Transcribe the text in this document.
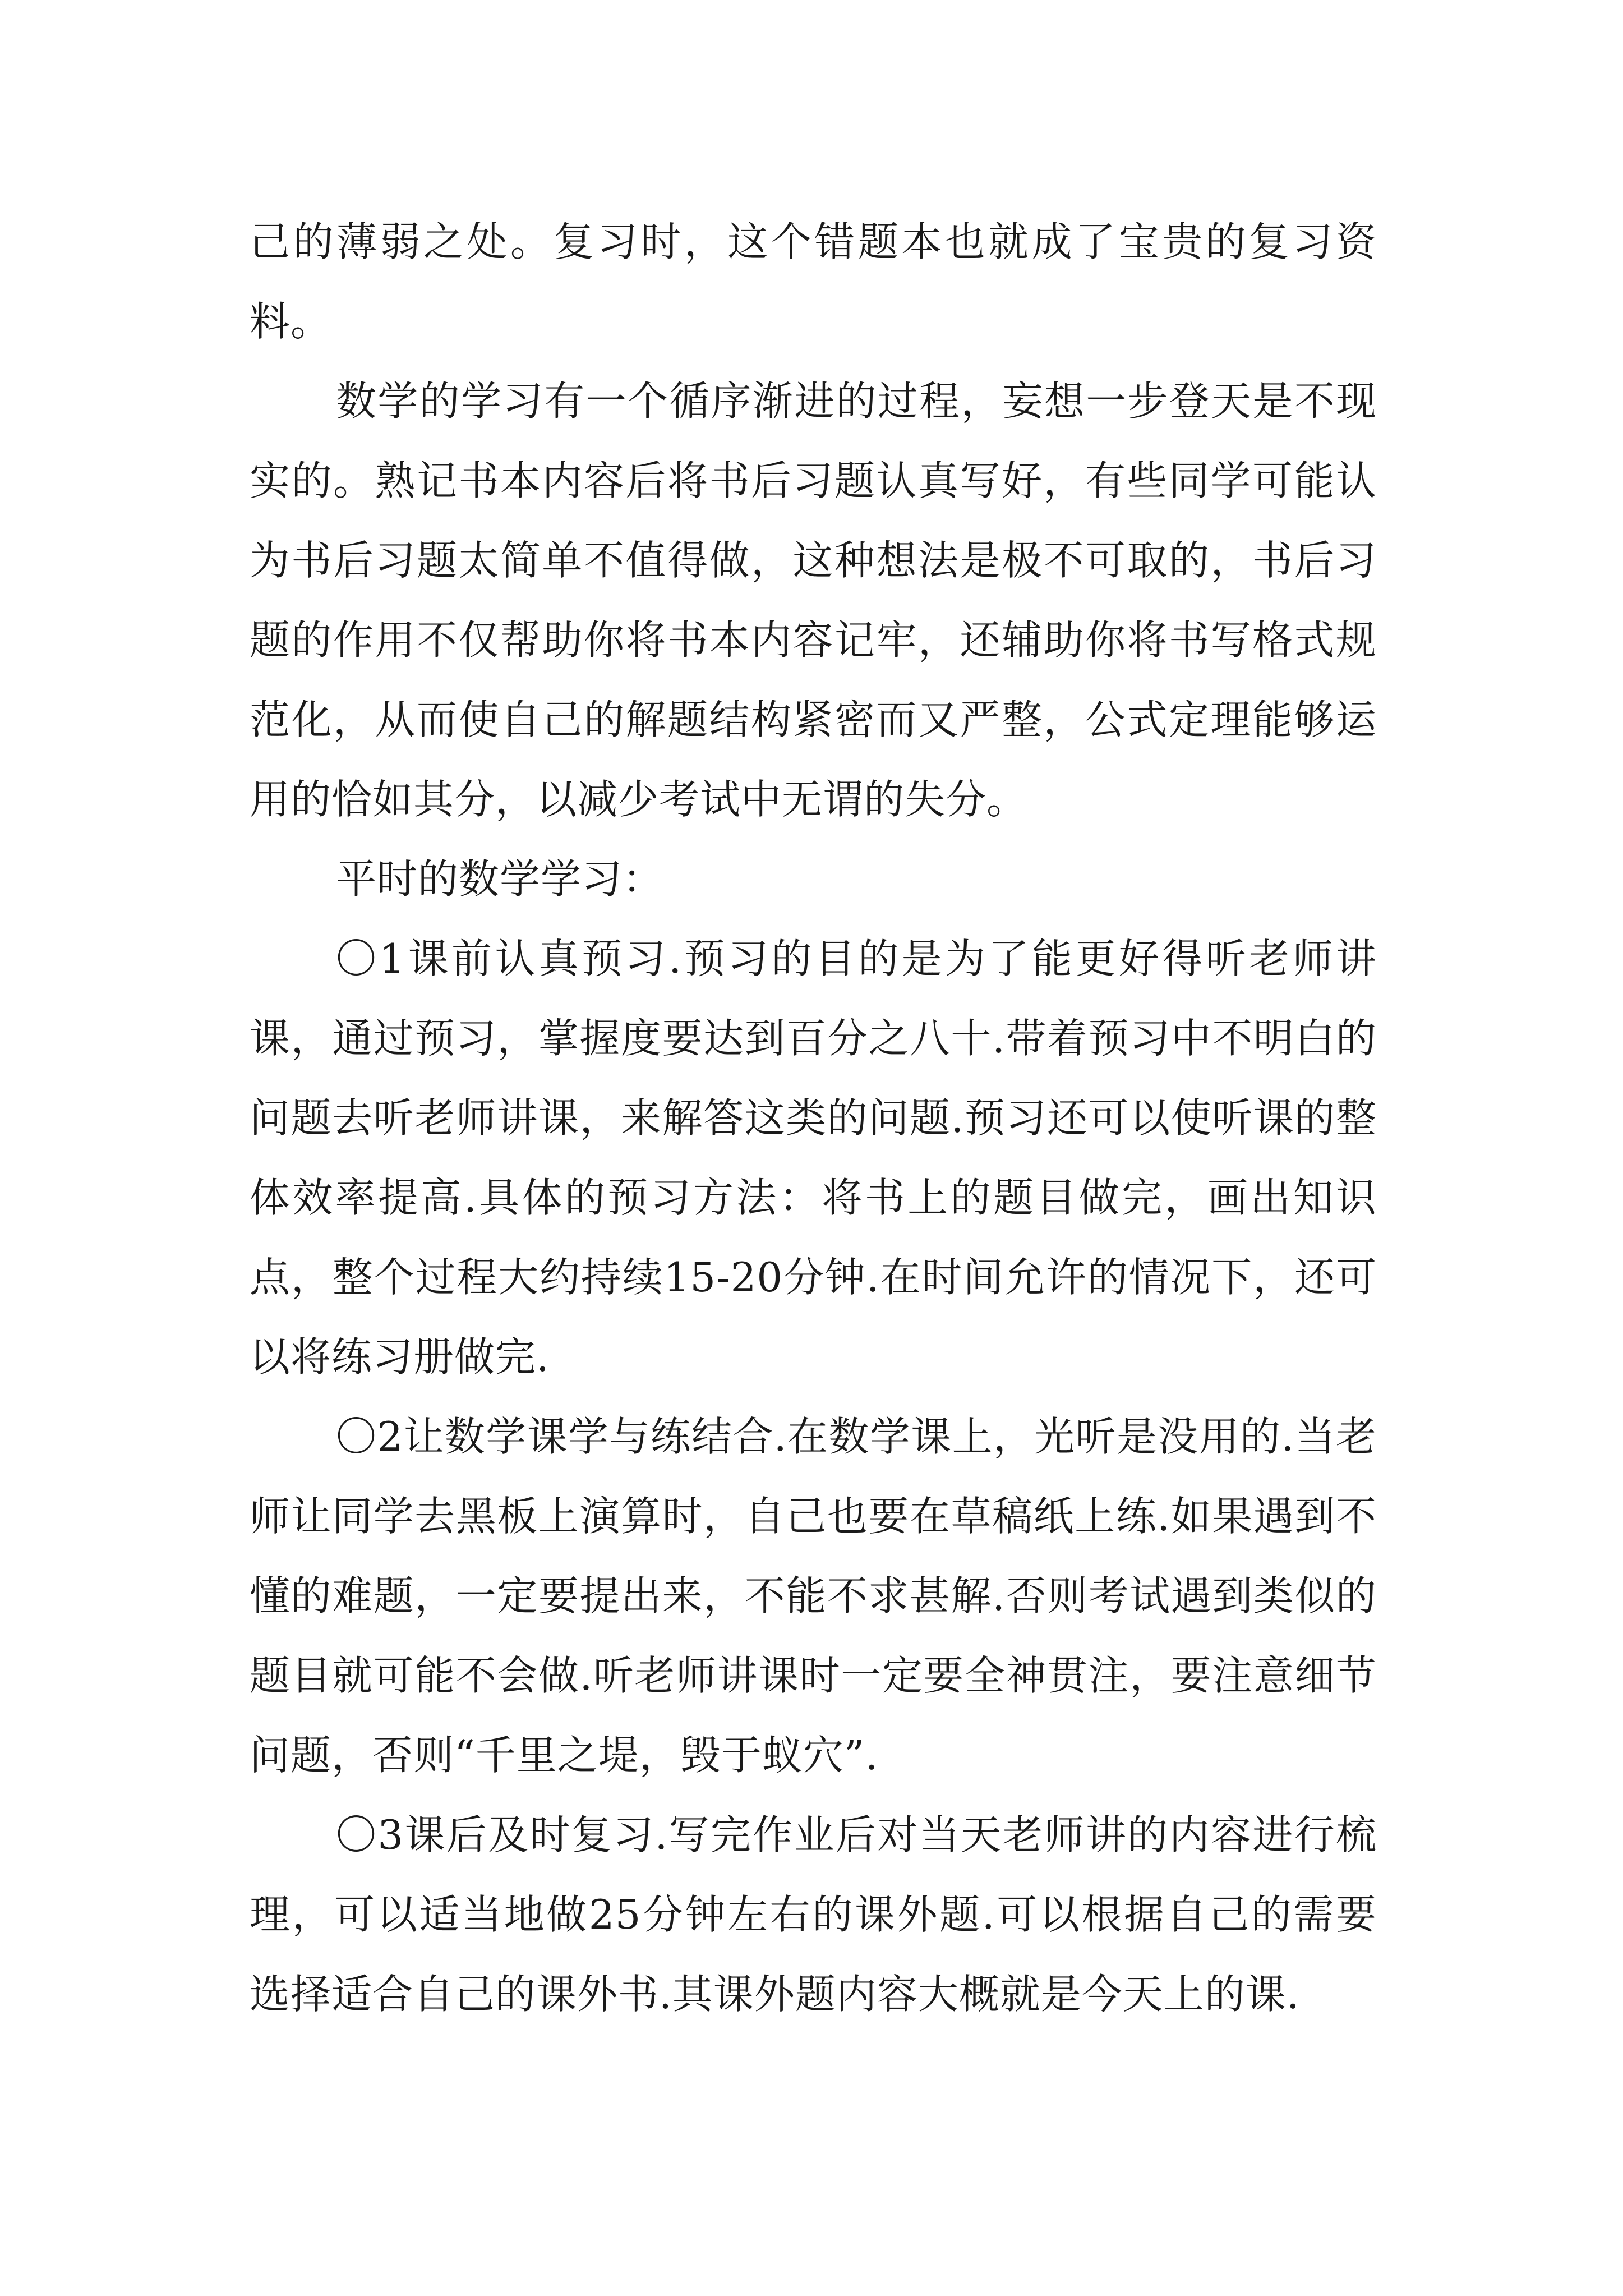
己的薄弱之处。复习时，这个错题本也就成了宝贵的复习资料。

数学的学习有一个循序渐进的过程，妄想一步登天是不现实的。熟记书本内容后将书后习题认真写好，有些同学可能认为书后习题太简单不值得做，这种想法是极不可取的，书后习题的作用不仅帮助你将书本内容记牢，还辅助你将书写格式规范化，从而使自己的解题结构紧密而又严整，公式定理能够运用的恰如其分，以减少考试中无谓的失分。

平时的数学学习：

〇1课前认真预习.预习的目的是为了能更好得听老师讲课，通过预习，掌握度要达到百分之八十.带着预习中不明白的问题去听老师讲课，来解答这类的问题.预习还可以使听课的整体效率提高.具体的预习方法：将书上的题目做完，画出知识点，整个过程大约持续15-20分钟.在时间允许的情况下，还可以将练习册做完.

〇2让数学课学与练结合.在数学课上，光听是没用的.当老师让同学去黑板上演算时，自己也要在草稿纸上练.如果遇到不懂的难题，一定要提出来，不能不求甚解.否则考试遇到类似的题目就可能不会做.听老师讲课时一定要全神贯注，要注意细节问题，否则“千里之堤，毁于蚁穴”.

〇3课后及时复习.写完作业后对当天老师讲的内容进行梳理，可以适当地做25分钟左右的课外题.可以根据自己的需要选择适合自己的课外书.其课外题内容大概就是今天上的课.
